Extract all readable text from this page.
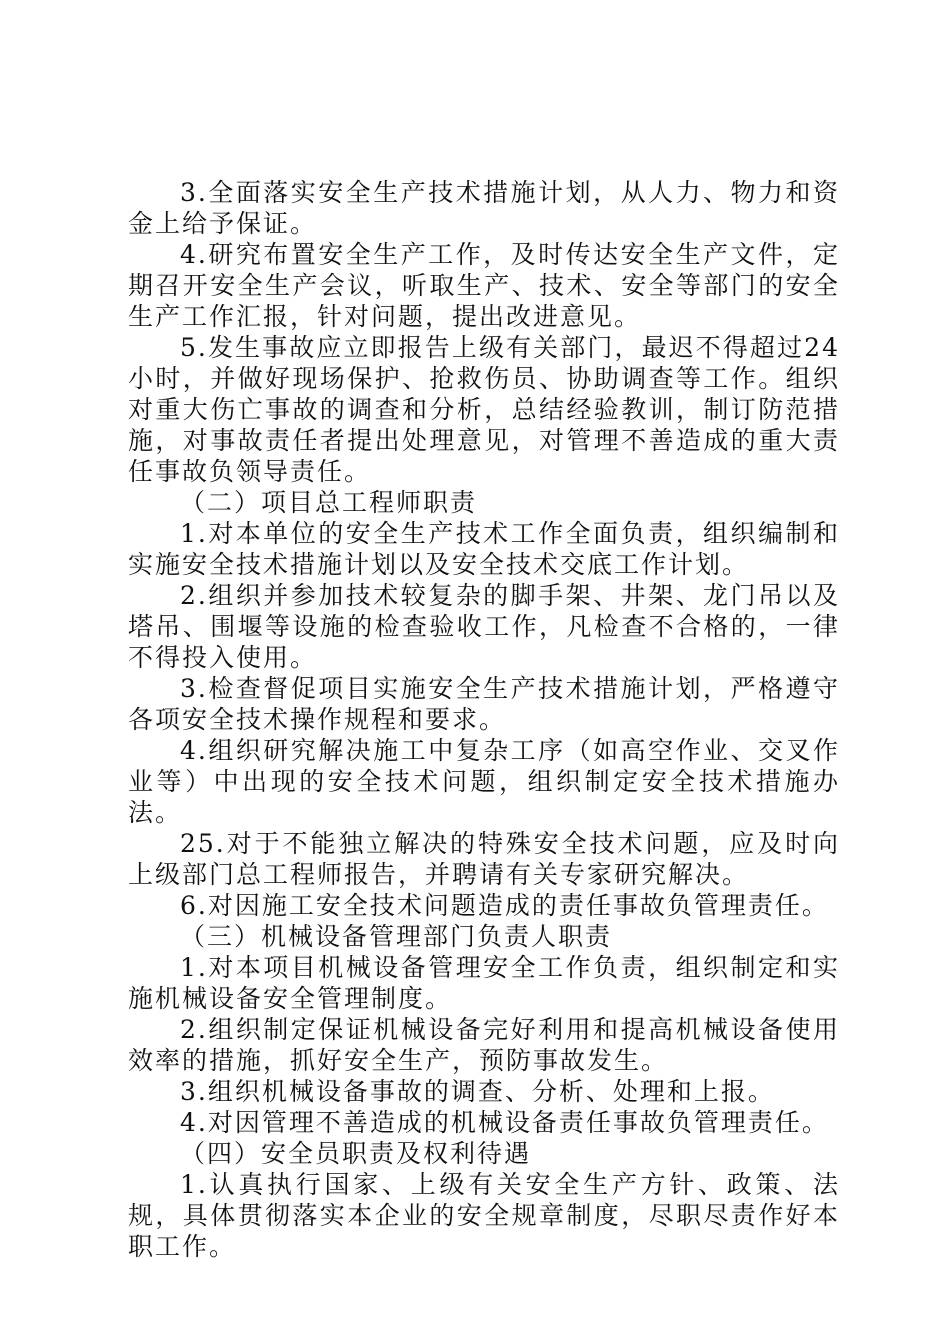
3.全面落实安全生产技术措施计划，从人力、物力和资金上给予保证。

4.研究布置安全生产工作，及时传达安全生产文件，定期召开安全生产会议，听取生产、技术、安全等部门的安全生产工作汇报，针对问题，提出改进意见。

5.发生事故应立即报告上级有关部门，最迟不得超过24小时，并做好现场保护、抢救伤员、协助调查等工作。组织对重大伤亡事故的调查和分析，总结经验教训，制订防范措施，对事故责任者提出处理意见，对管理不善造成的重大责任事故负领导责任。

（二）项目总工程师职责

1.对本单位的安全生产技术工作全面负责，组织编制和实施安全技术措施计划以及安全技术交底工作计划。

2.组织并参加技术较复杂的脚手架、井架、龙门吊以及塔吊、围堰等设施的检查验收工作，凡检查不合格的，一律不得投入使用。

3.检查督促项目实施安全生产技术措施计划，严格遵守各项安全技术操作规程和要求。

4.组织研究解决施工中复杂工序（如高空作业、交叉作业等）中出现的安全技术问题，组织制定安全技术措施办法。

25.对于不能独立解决的特殊安全技术问题，应及时向上级部门总工程师报告，并聘请有关专家研究解决。

6.对因施工安全技术问题造成的责任事故负管理责任。

（三）机械设备管理部门负责人职责

1.对本项目机械设备管理安全工作负责，组织制定和实施机械设备安全管理制度。

2.组织制定保证机械设备完好利用和提高机械设备使用效率的措施，抓好安全生产，预防事故发生。

3.组织机械设备事故的调查、分析、处理和上报。

4.对因管理不善造成的机械设备责任事故负管理责任。

（四）安全员职责及权利待遇

1.认真执行国家、上级有关安全生产方针、政策、法规，具体贯彻落实本企业的安全规章制度，尽职尽责作好本职工作。
